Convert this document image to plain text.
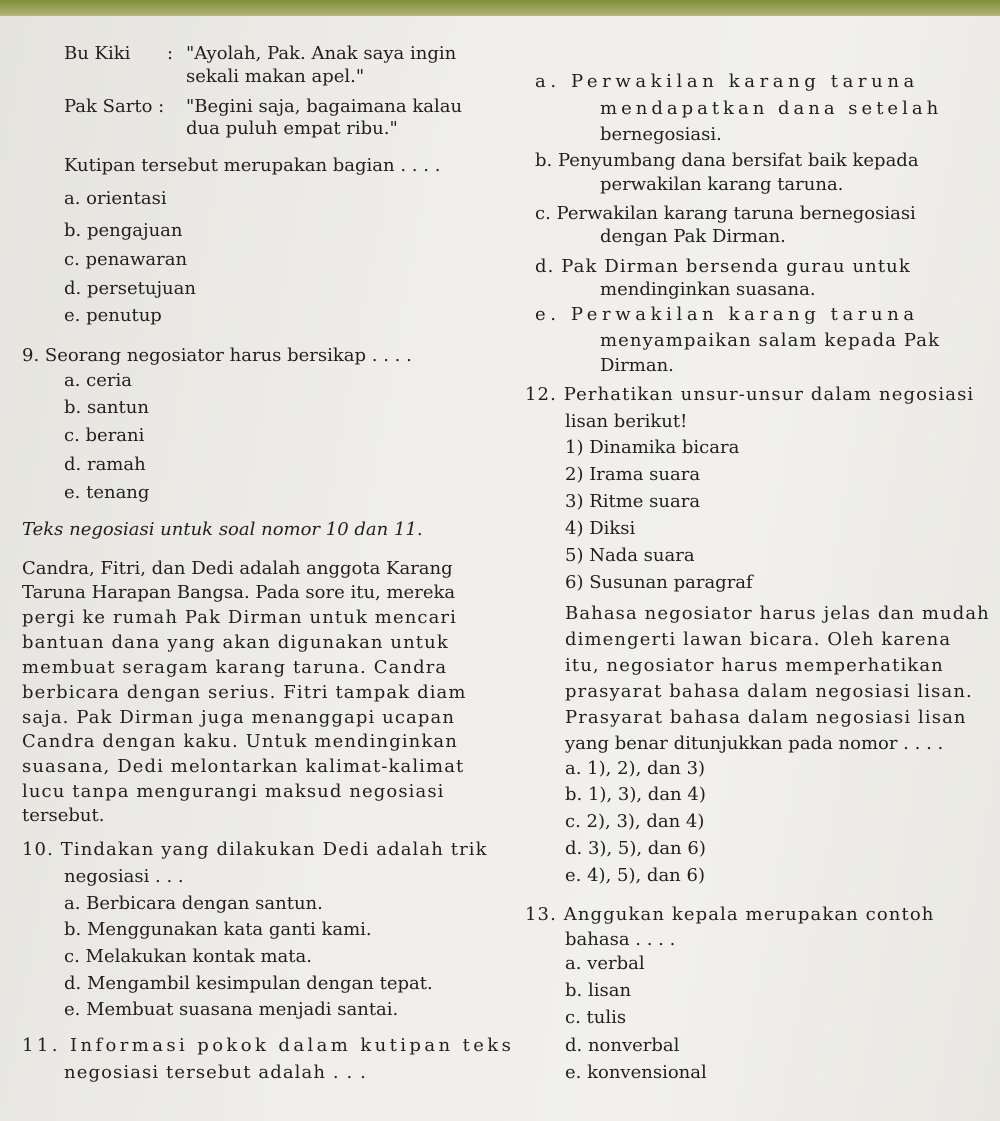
Bu Kiki : "Ayolah, Pak. Anak saya ingin
sekali makan apel."
Pak Sarto : "Begini saja, bagaimana kalau
dua puluh empat ribu."
Kutipan tersebut merupakan bagian . . . .
a. orientasi
b. pengajuan
c. penawaran
d. persetujuan
e. penutup
9. Seorang negosiator harus bersikap . . . .
a. ceria
b. santun
c. berani
d. ramah
e. tenang
Teks negosiasi untuk soal nomor 10 dan 11.
Candra, Fitri, dan Dedi adalah anggota Karang
Taruna Harapan Bangsa. Pada sore itu, mereka
pergi ke rumah Pak Dirman untuk mencari
bantuan dana yang akan digunakan untuk
membuat seragam karang taruna. Candra
berbicara dengan serius. Fitri tampak diam
saja. Pak Dirman juga menanggapi ucapan
Candra dengan kaku. Untuk mendinginkan
suasana, Dedi melontarkan kalimat-kalimat
lucu tanpa mengurangi maksud negosiasi
tersebut.
10. Tindakan yang dilakukan Dedi adalah trik
negosiasi . . .
a. Berbicara dengan santun.
b. Menggunakan kata ganti kami.
c. Melakukan kontak mata.
d. Mengambil kesimpulan dengan tepat.
e. Membuat suasana menjadi santai.
11. Informasi pokok dalam kutipan teks
negosiasi tersebut adalah . . .
a. Perwakilan karang taruna
mendapatkan dana setelah
bernegosiasi.
b. Penyumbang dana bersifat baik kepada
perwakilan karang taruna.
c. Perwakilan karang taruna bernegosiasi
dengan Pak Dirman.
d. Pak Dirman bersenda gurau untuk
mendinginkan suasana.
e. Perwakilan karang taruna
menyampaikan salam kepada Pak
Dirman.
12. Perhatikan unsur-unsur dalam negosiasi
lisan berikut!
1) Dinamika bicara
2) Irama suara
3) Ritme suara
4) Diksi
5) Nada suara
6) Susunan paragraf
Bahasa negosiator harus jelas dan mudah
dimengerti lawan bicara. Oleh karena
itu, negosiator harus memperhatikan
prasyarat bahasa dalam negosiasi lisan.
Prasyarat bahasa dalam negosiasi lisan
yang benar ditunjukkan pada nomor . . . .
a. 1), 2), dan 3)
b. 1), 3), dan 4)
c. 2), 3), dan 4)
d. 3), 5), dan 6)
e. 4), 5), dan 6)
13. Anggukan kepala merupakan contoh
bahasa . . . .
a. verbal
b. lisan
c. tulis
d. nonverbal
e. konvensional
